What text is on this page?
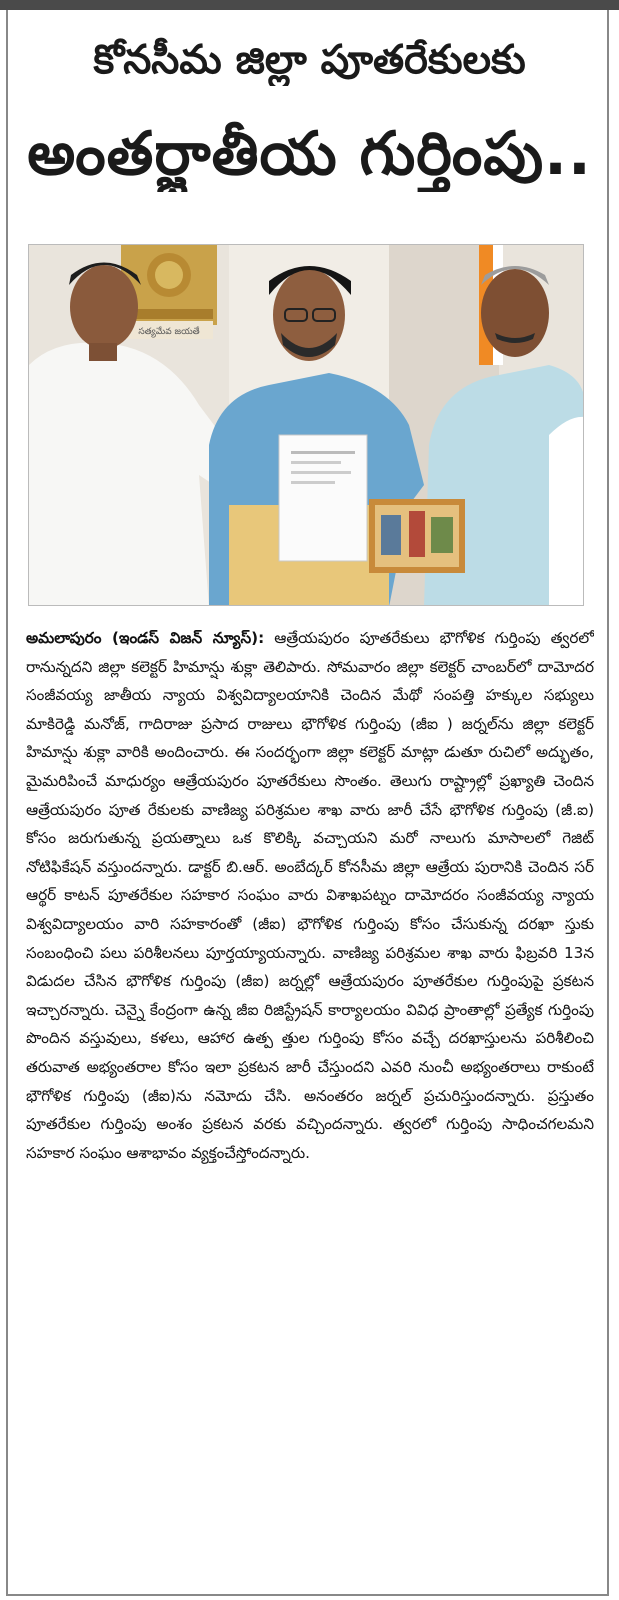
కోనసీమ జిల్లా పూతరేకులకు
అంతర్జాతీయ గుర్తింపు..
సత్యమేవ జయతే
అమలాపురం (ఇండస్ విజన్ న్యూస్): ఆత్రేయపురం పూతరేకులు భౌగోళిక గుర్తింపు త్వరలో రానున్నదని జిల్లా కలెక్టర్ హిమాన్షు శుక్లా తెలిపారు. సోమవారం జిల్లా కలెక్టర్ చాంబర్‌లో దామోదర సంజీవయ్య జాతీయ న్యాయ విశ్వవిద్యాలయానికి చెందిన మేథో సంపత్తి హక్కుల సభ్యులు మాకిరెడ్డి మనోజ్, గాదిరాజు ప్రసాద రాజులు భౌగోళిక గుర్తింపు (జీఐ ) జర్నల్‌ను జిల్లా కలెక్టర్ హిమాన్షు శుక్లా వారికి అందించారు. ఈ సందర్భంగా జిల్లా కలెక్టర్ మాట్లా డుతూ రుచిలో అద్భుతం, మైమరిపించే మాధుర్యం ఆత్రేయపురం పూతరేకులు సొంతం. తెలుగు రాష్ట్రాల్లో ప్రఖ్యాతి చెందిన ఆత్రేయపురం పూత రేకులకు వాణిజ్య పరిశ్రమల శాఖ వారు జారీ చేసే భౌగోళిక గుర్తింపు (జీ.ఐ) కోసం జరుగుతున్న ప్రయత్నాలు ఒక కొలిక్కి వచ్చాయని మరో నాలుగు మాసాలలో గెజిట్ నోటిఫికేషన్ వస్తుందన్నారు. డాక్టర్ బి.ఆర్. అంబేద్కర్ కోనసీమ జిల్లా ఆత్రేయ పురానికి చెందిన సర్ ఆర్థర్ కాటన్ పూతరేకుల సహకార సంఘం వారు విశాఖపట్నం దామోదరం సంజీవయ్య న్యాయ విశ్వవిద్యాలయం వారి సహకారంతో (జీఐ) భౌగోళిక గుర్తింపు కోసం చేసుకున్న దరఖా స్తుకు సంబంధించి పలు పరిశీలనలు పూర్తయ్యాయన్నారు. వాణిజ్య పరిశ్రమల శాఖ వారు ఫిబ్రవరి 13న విడుదల చేసిన భౌగోళిక గుర్తింపు (జీఐ) జర్నల్లో ఆత్రేయపురం పూతరేకుల గుర్తింపుపై ప్రకటన ఇచ్చారన్నారు. చెన్నై కేంద్రంగా ఉన్న జీఐ రిజిస్ట్రేషన్ కార్యాలయం వివిధ ప్రాంతాల్లో ప్రత్యేక గుర్తింపు పొందిన వస్తువులు, కళలు, ఆహార ఉత్ప త్తుల గుర్తింపు కోసం వచ్చే దరఖాస్తులను పరిశీలించి తరువాత అభ్యంతరాల కోసం ఇలా ప్రకటన జారీ చేస్తుందని ఎవరి నుంచీ అభ్యంతరాలు రాకుంటే భౌగోళిక గుర్తింపు (జీఐ)ను నమోదు చేసి. అనంతరం జర్నల్ ప్రచురిస్తుందన్నారు. ప్రస్తుతం పూతరేకుల గుర్తింపు అంశం ప్రకటన వరకు వచ్చిందన్నారు. త్వరలో గుర్తింపు సాధించగలమని సహకార సంఘం ఆశాభావం వ్యక్తంచేస్తోందన్నారు.
